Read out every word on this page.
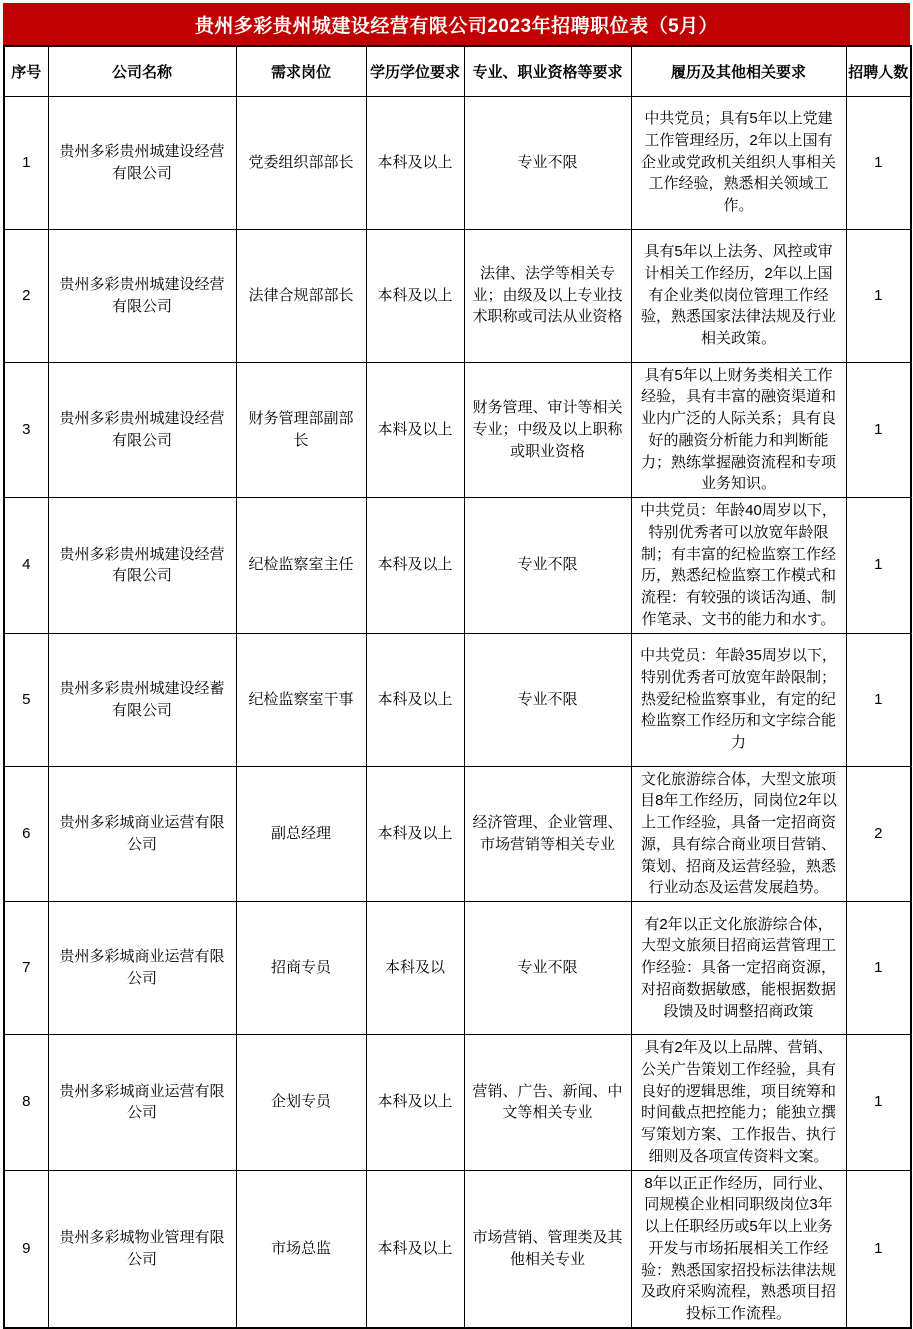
贵州多彩贵州城建设经营有限公司2023年招聘职位表（5月）
序号	公司名称	需求岗位	学历学位要求	专业、职业资格等要求	履历及其他相关要求	招聘人数
1	贵州多彩贵州城建设经营有限公司	党委组织部部长	本科及以上	专业不限	中共党员；具有5年以上党建工作管理经历，2年以上国有企业或党政机关组织人事相关工作经验，熟悉相关领域工作。	1
2	贵州多彩贵州城建设经营有限公司	法律合规部部长	本科及以上	法律、法学等相关专业；由级及以上专业技术职称或司法从业资格	具有5年以上法务、风控或审计相关工作经历，2年以上国有企业类似岗位管理工作经验，熟悉国家法律法规及行业相关政策。	1
3	贵州多彩贵州城建设经营有限公司	财务管理部副部长	本料及以上	财务管理、审计等相关专业；中级及以上职称或职业资格	具有5年以上财务类相关工作经验，具有丰富的融资渠道和业内广泛的人际关系；具有良好的融资分析能力和判断能力；熟练掌握融资流程和专项业务知识。	1
4	贵州多彩贵州城建设经营有限公司	纪检监察室主任	本科及以上	专业不限	中共党员：年龄40周岁以下，特别优秀者可以放宽年龄限制；有丰富的纪检监察工作经历，熟悉纪检监察工作模式和流程：有较强的谈话沟通、制作笔录、文书的能力和水す。	1
5	贵州多彩贵州城建设经蓄有限公司	纪检监察室干事	本科及以上	专业不限	中共党员：年龄35周岁以下，特别优秀者可放宽年龄限制；热爱纪检监察事业，有定的纪检监察工作经历和文字综合能力	1
6	贵州多彩城商业运营有限公司	副总经理	本科及以上	经济管理、企业管理、市场营销等相关专业	文化旅游综合体，大型文旅项目8年工作经历，同岗位2年以上工作经验，具备一定招商资源，具有综合商业项目营销、策划、招商及运营经验，熟悉行业动态及运营发展趋势。	2
7	贵州多彩城商业运营有限公司	招商专员	本科及以	专业不限	有2年以正文化旅游综合体，大型文旅须目招商运营管理工作经验：具备一定招商资源，对招商数据敏感，能根据数据段馈及时调整招商政策	1
8	贵州多彩城商业运营有限公司	企划专员	本科及以上	营销、广告、新闻、中文等相关专业	具有2年及以上品牌、营销、公关广告策划工作经验，具有良好的逻辑思维，项目统筹和时间截点把控能力；能独立撰写策划方案、工作报告、执行细则及各项宣传资料文案。	1
9	贵州多彩城物业管理有限公司	市场总监	本科及以上	市场营销、管理类及其他相关专业	8年以正正作经历，同行业、同规模企业相同职级岗位3年以上任职经历或5年以上业务开发与市场拓展相关工作经验：熟悉国家招投标法律法规及政府采购流程，熟悉项目招投标工作流程。	1
